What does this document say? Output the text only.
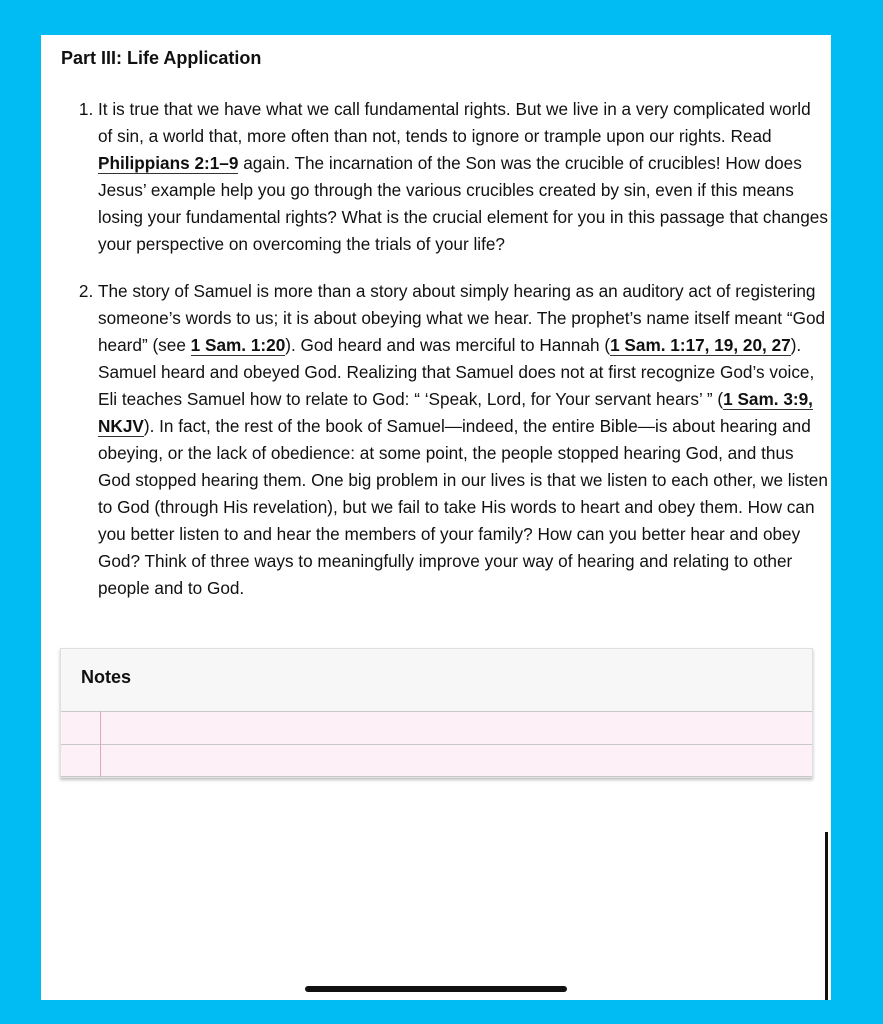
Part III: Life Application
1. It is true that we have what we call fundamental rights. But we live in a very complicated world of sin, a world that, more often than not, tends to ignore or trample upon our rights. Read Philippians 2:1–9 again. The incarnation of the Son was the crucible of crucibles! How does Jesus’ example help you go through the various crucibles created by sin, even if this means losing your fundamental rights? What is the crucial element for you in this passage that changes your perspective on overcoming the trials of your life?
2. The story of Samuel is more than a story about simply hearing as an auditory act of registering someone’s words to us; it is about obeying what we hear. The prophet’s name itself meant “God heard” (see 1 Sam. 1:20). God heard and was merciful to Hannah (1 Sam. 1:17, 19, 20, 27). Samuel heard and obeyed God. Realizing that Samuel does not at first recognize God’s voice, Eli teaches Samuel how to relate to God: “ ‘Speak, Lord, for Your servant hears’ ” (1 Sam. 3:9, NKJV). In fact, the rest of the book of Samuel—indeed, the entire Bible—is about hearing and obeying, or the lack of obedience: at some point, the people stopped hearing God, and thus God stopped hearing them. One big problem in our lives is that we listen to each other, we listen to God (through His revelation), but we fail to take His words to heart and obey them. How can you better listen to and hear the members of your family? How can you better hear and obey God? Think of three ways to meaningfully improve your way of hearing and relating to other people and to God.
Notes
